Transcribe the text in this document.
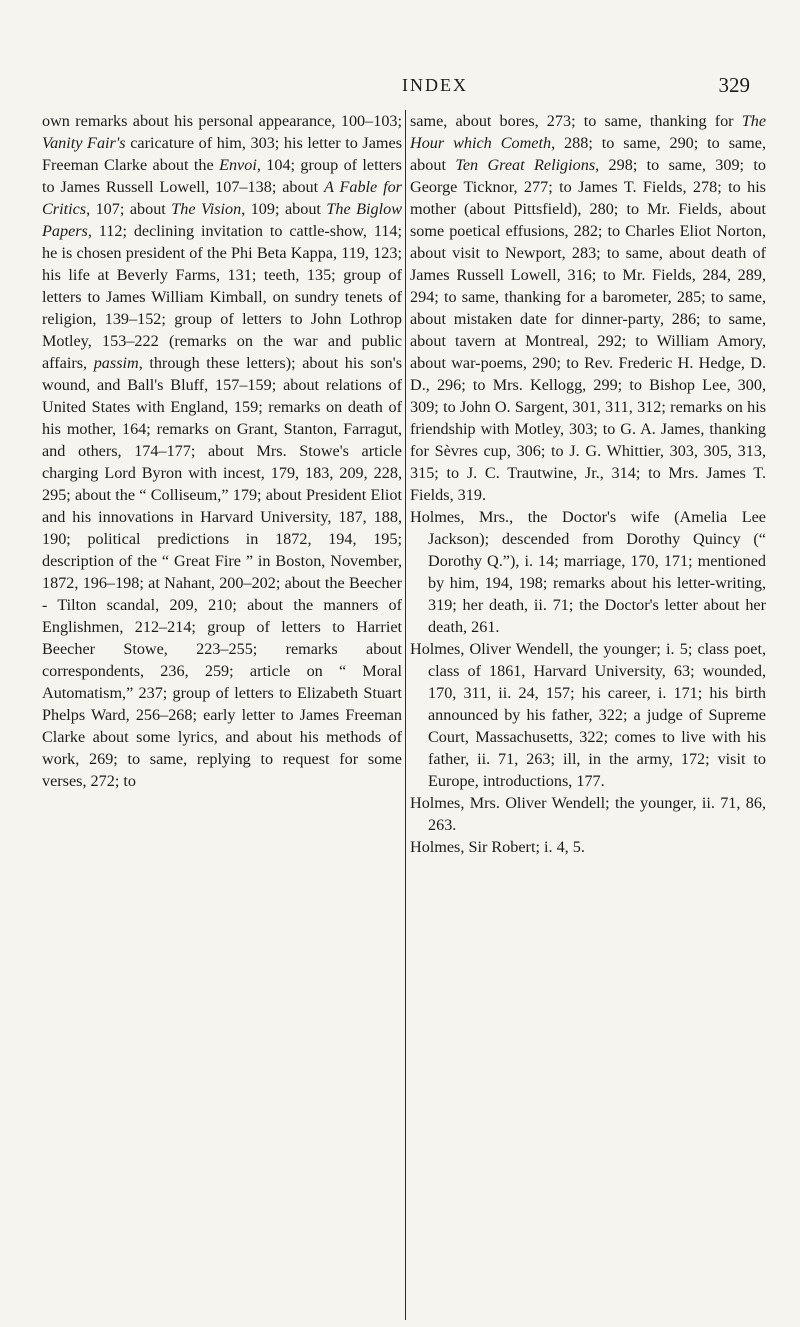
INDEX	329

own remarks about his personal appearance, 100–103; Vanity Fair's caricature of him, 303; his letter to James Freeman Clarke about the Envoi, 104; group of letters to James Russell Lowell, 107–138; about A Fable for Critics, 107; about The Vision, 109; about The Biglow Papers, 112; declining invitation to cattle-show, 114; he is chosen president of the Phi Beta Kappa, 119, 123; his life at Beverly Farms, 131; teeth, 135; group of letters to James William Kimball, on sundry tenets of religion, 139–152; group of letters to John Lothrop Motley, 153–222 (remarks on the war and public affairs, passim, through these letters); about his son's wound, and Ball's Bluff, 157–159; about relations of United States with England, 159; remarks on death of his mother, 164; remarks on Grant, Stanton, Farragut, and others, 174–177; about Mrs. Stowe's article charging Lord Byron with incest, 179, 183, 209, 228, 295; about the “ Colliseum,” 179; about President Eliot and his innovations in Harvard University, 187, 188, 190; political predictions in 1872, 194, 195; description of the “ Great Fire ” in Boston, November, 1872, 196–198; at Nahant, 200–202; about the Beecher - Tilton scandal, 209, 210; about the manners of Englishmen, 212–214; group of letters to Harriet Beecher Stowe, 223–255; remarks about correspondents, 236, 259; article on “ Moral Automatism,” 237; group of letters to Elizabeth Stuart Phelps Ward, 256–268; early letter to James Freeman Clarke about some lyrics, and about his methods of work, 269; to same, replying to request for some verses, 272; to

same, about bores, 273; to same, thanking for The Hour which Cometh, 288; to same, 290; to same, about Ten Great Religions, 298; to same, 309; to George Ticknor, 277; to James T. Fields, 278; to his mother (about Pittsfield), 280; to Mr. Fields, about some poetical effusions, 282; to Charles Eliot Norton, about visit to Newport, 283; to same, about death of James Russell Lowell, 316; to Mr. Fields, 284, 289, 294; to same, thanking for a barometer, 285; to same, about mistaken date for dinner-party, 286; to same, about tavern at Montreal, 292; to William Amory, about war-poems, 290; to Rev. Frederic H. Hedge, D. D., 296; to Mrs. Kellogg, 299; to Bishop Lee, 300, 309; to John O. Sargent, 301, 311, 312; remarks on his friendship with Motley, 303; to G. A. James, thanking for Sèvres cup, 306; to J. G. Whittier, 303, 305, 313, 315; to J. C. Trautwine, Jr., 314; to Mrs. James T. Fields, 319.

Holmes, Mrs., the Doctor's wife (Amelia Lee Jackson); descended from Dorothy Quincy (“ Dorothy Q.”), i. 14; marriage, 170, 171; mentioned by him, 194, 198; remarks about his letter-writing, 319; her death, ii. 71; the Doctor's letter about her death, 261.

Holmes, Oliver Wendell, the younger; i. 5; class poet, class of 1861, Harvard University, 63; wounded, 170, 311, ii. 24, 157; his career, i. 171; his birth announced by his father, 322; a judge of Supreme Court, Massachusetts, 322; comes to live with his father, ii. 71, 263; ill, in the army, 172; visit to Europe, introductions, 177.

Holmes, Mrs. Oliver Wendell; the younger, ii. 71, 86, 263.

Holmes, Sir Robert; i. 4, 5.
